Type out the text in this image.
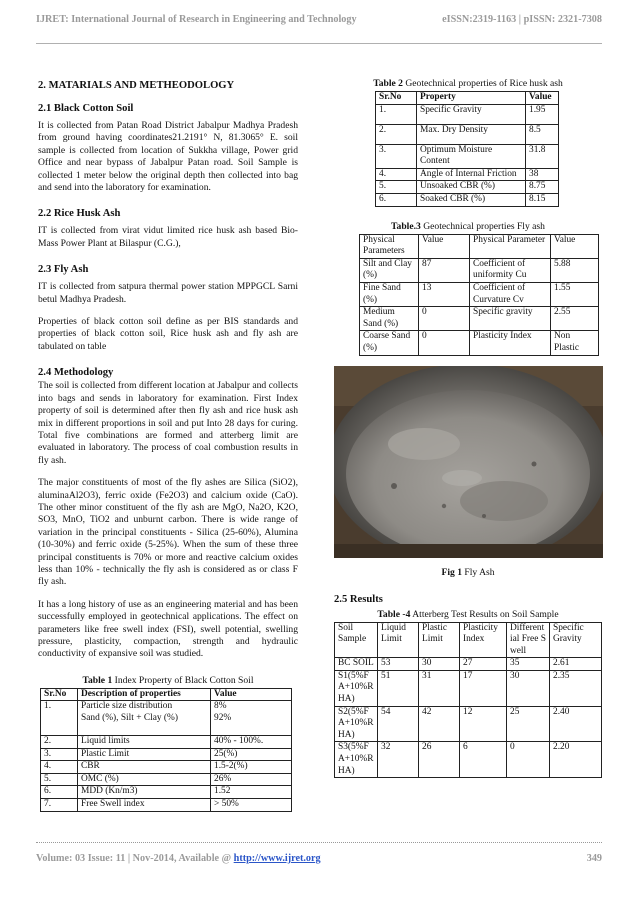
IJRET: International Journal of Research in Engineering and Technology	eISSN:2319-1163 | pISSN: 2321-7308
2. MATARIALS AND METHEODOLOGY
2.1 Black Cotton Soil

It is collected from Patan Road District Jabalpur Madhya Pradesh from ground having coordinates21.2191° N, 81.3065° E. soil sample is collected from location of Sukkha village, Power grid Office and near bypass of Jabalpur Patan road. Soil Sample is collected 1 meter below the original depth then collected into bag and send into the laboratory for examination.

2.2 Rice Husk Ash

IT is collected from virat vidut limited rice husk ash based Bio-Mass Power Plant at Bilaspur (C.G.),

2.3 Fly Ash

IT is collected from satpura thermal power station MPPGCL Sarni betul Madhya Pradesh.

Properties of black cotton soil define as per BIS standards and properties of black cotton soil, Rice husk ash and fly ash are tabulated on table

2.4 Methodology

The soil is collected from different location at Jabalpur and collects into bags and sends in laboratory for examination. First Index property of soil is determined after then fly ash and rice husk ash mix in different proportions in soil and put Into 28 days for curing. Total five combinations are formed and atterberg limit are evaluated in laboratory. The process of coal combustion results in fly ash.

The major constituents of most of the fly ashes are Silica (SiO2), aluminaAl2O3), ferric oxide (Fe2O3) and calcium oxide (CaO). The other minor constituent of the fly ash are MgO, Na2O, K2O, SO3, MnO, TiO2 and unburnt carbon. There is wide range of variation in the principal constituents - Silica (25-60%), Alumina (10-30%) and ferric oxide (5-25%). When the sum of these three principal constituents is 70% or more and reactive calcium oxides less than 10% - technically the fly ash is considered as or class F fly ash.

It has a long history of use as an engineering material and has been successfully employed in geotechnical applications. The effect on parameters like free swell index (FSI), swell potential, swelling pressure, plasticity, compaction, strength and hydraulic conductivity of expansive soil was studied.

Table 1 Index Property of Black Cotton Soil
Sr.No	Description of properties	Value
1.	Particle size distribution	8%
	Sand (%), Silt + Clay (%)	92%
2.	Liquid limits	40% - 100%.
3.	Plastic Limit	25(%)
4.	CBR	1.5-2(%)
5.	OMC (%)	26%
6.	MDD (Kn/m3)	1.52
7.	Free Swell index	> 50%
Table 2 Geotechnical properties of Rice husk ash
Sr.No	Property	Value
1.	Specific Gravity	1.95
2.	Max. Dry Density	8.5
3.	Optimum Moisture Content	31.8
4.	Angle of Internal Friction	38
5.	Unsoaked CBR (%)	8.75
6.	Soaked CBR (%)	8.15
Table.3 Geotechnical properties Fly ash
Physical Parameters	Value	Physical Parameter	Value
Silt and Clay (%)	87	Coefficient of uniformity Cu	5.88
Fine Sand (%)	13	Coefficient of Curvature Cv	1.55
Medium Sand (%)	0	Specific gravity	2.55
Coarse Sand (%)	0	Plasticity Index	Non Plastic
Fig 1 Fly Ash
2.5 Results
Table -4 Atterberg Test Results on Soil Sample
Soil Sample	Liquid Limit	Plastic Limit	Plasticity Index	Differential Free Swell	Specific Gravity
BC SOIL	53	30	27	35	2.61
S1(5%FA+10%RHA)	51	31	17	30	2.35
S2(5%FA+10%RHA)	54	42	12	25	2.40
S3(5%FA+10%RHA)	32	26	6	0	2.20
Volume: 03 Issue: 11 | Nov-2014, Available @ http://www.ijret.org	349
